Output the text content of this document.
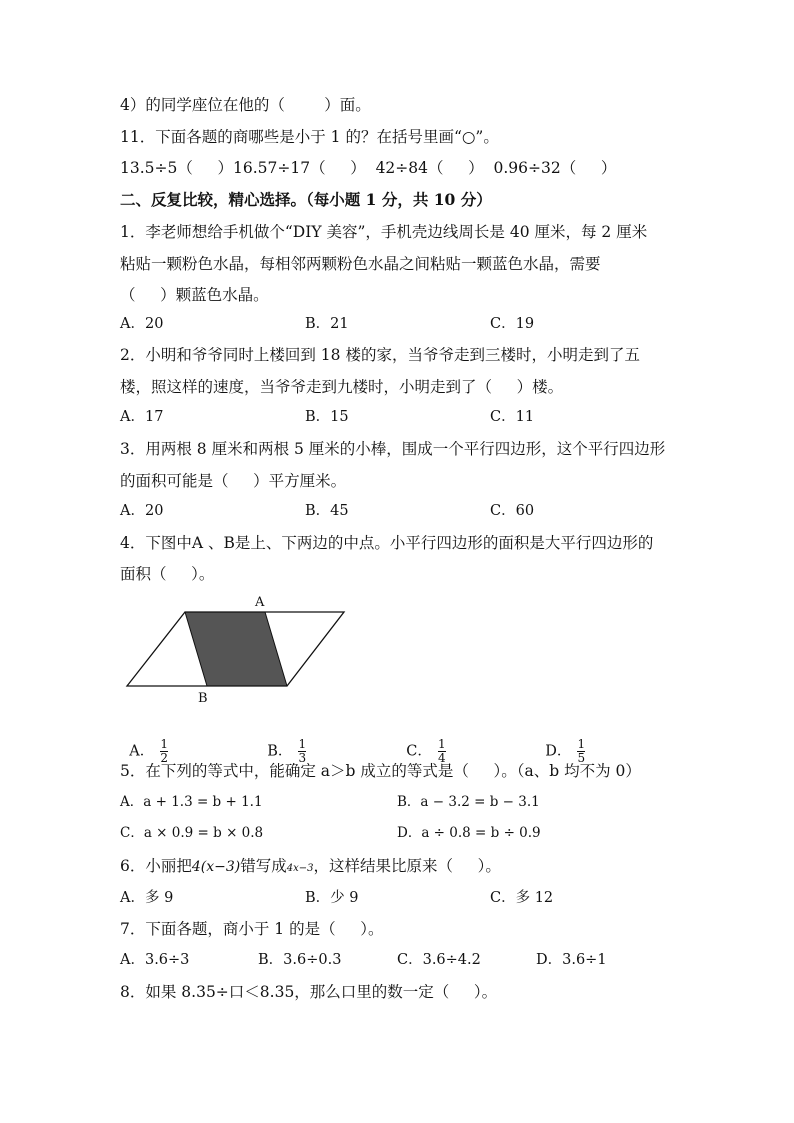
4）的同学座位在他的（        ）面。
11．下面各题的商哪些是小于 1 的？在括号里画“○”。
13.5÷5（     ）16.57÷17（     ）  42÷84（     ）  0.96÷32（     ）
二、反复比较，精心选择。（每小题 1 分，共 10 分）
1．李老师想给手机做个“DIY 美容”，手机壳边线周长是 40 厘米，每 2 厘米
粘贴一颗粉色水晶，每相邻两颗粉色水晶之间粘贴一颗蓝色水晶，需要
（     ）颗蓝色水晶。
A．20	B．21	C．19
2．小明和爷爷同时上楼回到 18 楼的家，当爷爷走到三楼时，小明走到了五
楼，照这样的速度，当爷爷走到九楼时，小明走到了（     ）楼。
A．17	B．15	C．11
3．用两根 8 厘米和两根 5 厘米的小棒，围成一个平行四边形，这个平行四边形
的面积可能是（     ）平方厘米。
A．20	B．45	C．60
4．下图中A 、B是上、下两边的中点。小平行四边形的面积是大平行四边形的
面积（     ）。
A
B

A． $\frac{1}{2}$	B． $\frac{1}{3}$	C． $\frac{1}{4}$	D． $\frac{1}{5}$

5．在下列的等式中，能确定 a＞b 成立的等式是（     ）。（a、b 均不为 0）
A．a + 1.3 = b + 1.1	B．a − 3.2 = b − 3.1
C．a × 0.9 = b × 0.8	D．a ÷ 0.8 = b ÷ 0.9
6．小丽把4(x−3)错写成4x−3，这样结果比原来（     ）。
A．多 9	B．少 9	C．多 12
7．下面各题，商小于 1 的是（     ）。
A．3.6÷3	B．3.6÷0.3	C．3.6÷4.2	D．3.6÷1
8．如果 8.35÷口＜8.35，那么口里的数一定（     ）。
